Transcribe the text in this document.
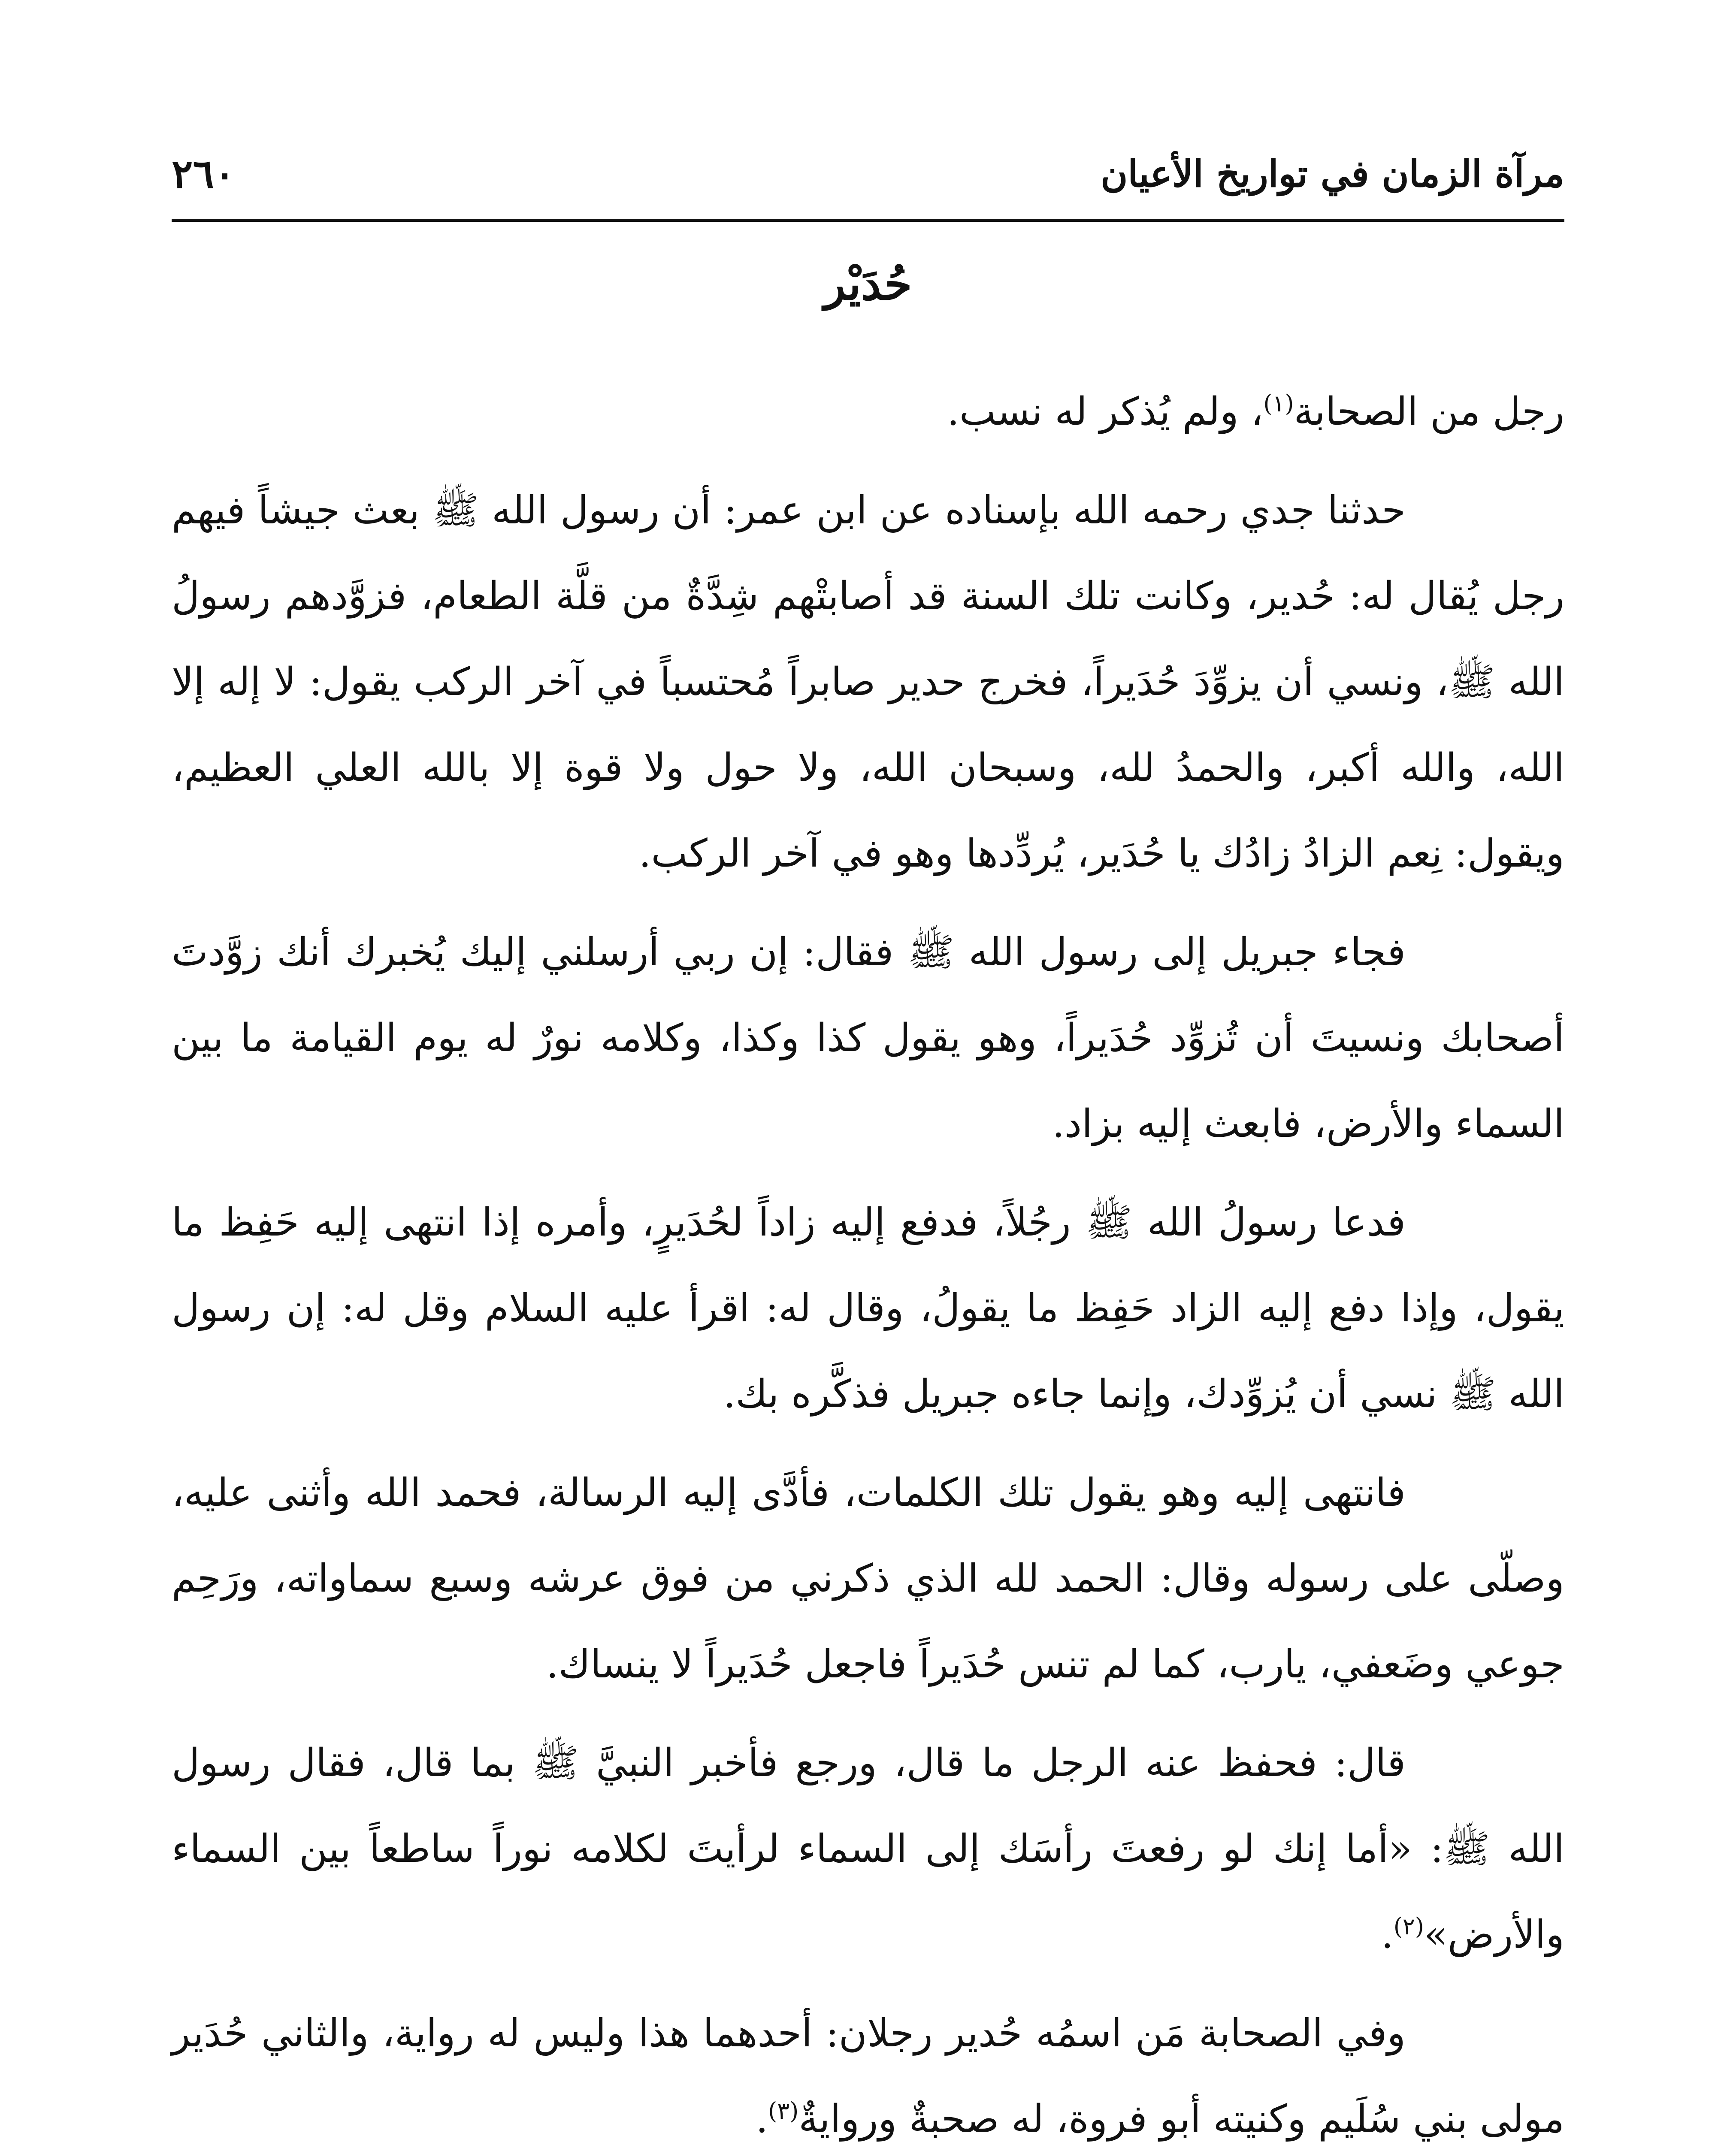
مرآة الزمان في تواريخ الأعيان
٢٦٠
حُدَيْر

رجل من الصحابة$^{(١)}$، ولم يُذكر له نسب.

حدثنا جدي رحمه الله بإسناده عن ابن عمر: أن رسول الله ﷺ بعث جيشاً فيهم رجل يُقال له: حُدير، وكانت تلك السنة قد أصابتْهم شِدَّةٌ من قلَّة الطعام، فزوَّدهم رسولُ الله ﷺ، ونسي أن يزوِّدَ حُدَيراً، فخرج حدير صابراً مُحتسباً في آخر الركب يقول: لا إله إلا الله، والله أكبر، والحمدُ لله، وسبحان الله، ولا حول ولا قوة إلا بالله العلي العظيم، ويقول: نِعم الزادُ زادُك يا حُدَير، يُردِّدها وهو في آخر الركب.

فجاء جبريل إلى رسول الله ﷺ فقال: إن ربي أرسلني إليك يُخبرك أنك زوَّدتَ أصحابك ونسيتَ أن تُزوِّد حُدَيراً، وهو يقول كذا وكذا، وكلامه نورٌ له يوم القيامة ما بين السماء والأرض، فابعث إليه بزاد.

فدعا رسولُ الله ﷺ رجُلاً، فدفع إليه زاداً لحُدَيرٍ، وأمره إذا انتهى إليه حَفِظ ما يقول، وإذا دفع إليه الزاد حَفِظ ما يقولُ، وقال له: اقرأ عليه السلام وقل له: إن رسول الله ﷺ نسي أن يُزوِّدك، وإنما جاءه جبريل فذكَّره بك.

فانتهى إليه وهو يقول تلك الكلمات، فأدَّى إليه الرسالة، فحمد الله وأثنى عليه، وصلّى على رسوله وقال: الحمد لله الذي ذكرني من فوق عرشه وسبع سماواته، ورَحِم جوعي وضَعفي، يارب، كما لم تنس حُدَيراً فاجعل حُدَيراً لا ينساك.

قال: فحفظ عنه الرجل ما قال، ورجع فأخبر النبيَّ ﷺ بما قال، فقال رسول الله ﷺ: «أما إنك لو رفعتَ رأسَك إلى السماء لرأيتَ لكلامه نوراً ساطعاً بين السماء والأرض»$^{(٢)}$.

وفي الصحابة مَن اسمُه حُدير رجلان: أحدهما هذا وليس له رواية، والثاني حُدَير مولى بني سُلَيم وكنيته أبو فروة، له صحبةٌ وروايةٌ$^{(٣)}$.
